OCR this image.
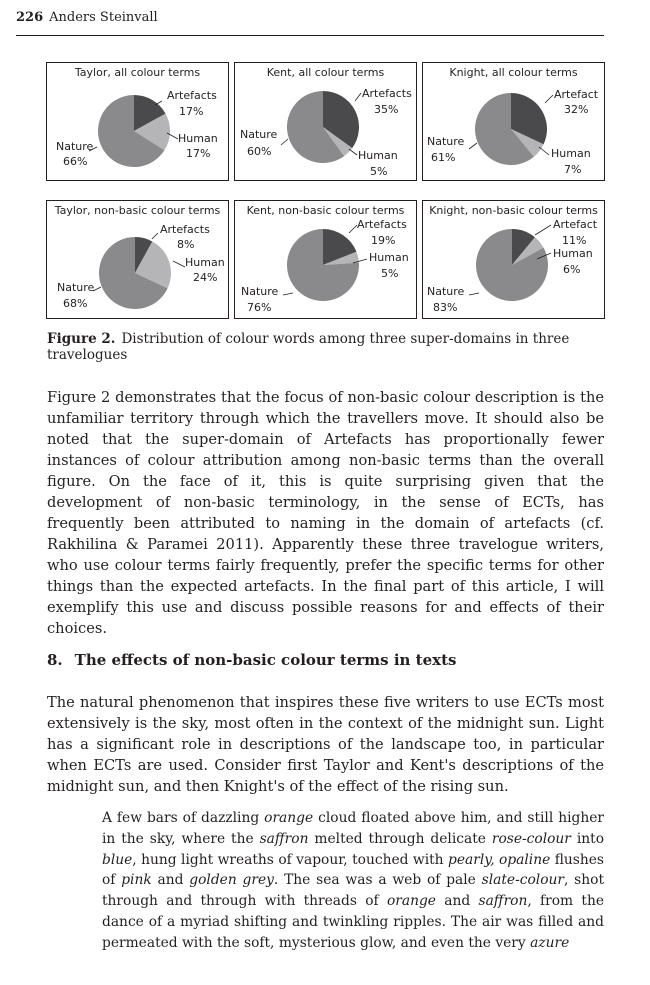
226 Anders Steinvall
Taylor, all colour terms
Artefacts
17%
Human
17%
Nature
66%
Kent, all colour terms
Artefacts
35%
Human
5%
Nature
60%
Knight, all colour terms
Artefact
32%
Human
7%
Nature
61%
Taylor, non-basic colour terms
Artefacts
8%
Human
24%
Nature
68%
Kent, non-basic colour terms
Artefacts
19%
Human
5%
Nature
76%
Knight, non-basic colour terms
Artefact
11%
Human
6%
Nature
83%
Figure 2. Distribution of colour words among three super-domains in three travelogues

Figure 2 demonstrates that the focus of non-basic colour description is the unfamiliar territory through which the travellers move. It should also be noted that the super-domain of Artefacts has proportionally fewer instances of colour attribution among non-basic terms than the overall figure. On the face of it, this is quite surprising given that the development of non-basic terminology, in the sense of ECTs, has frequently been attributed to naming in the domain of artefacts (cf. Rakhilina & Paramei 2011). Apparently these three travelogue writers, who use colour terms fairly frequently, prefer the specific terms for other things than the expected artefacts. In the final part of this article, I will exemplify this use and discuss possible reasons for and effects of their choices.

8. The effects of non-basic colour terms in texts

The natural phenomenon that inspires these five writers to use ECTs most extensively is the sky, most often in the context of the midnight sun. Light has a significant role in descriptions of the landscape too, in particular when ECTs are used. Consider first Taylor and Kent's descriptions of the midnight sun, and then Knight's of the effect of the rising sun.

A few bars of dazzling orange cloud floated above him, and still higher in the sky, where the saffron melted through delicate rose-colour into blue, hung light wreaths of vapour, touched with pearly, opaline flushes of pink and golden grey. The sea was a web of pale slate-colour, shot through and through with threads of orange and saffron, from the dance of a myriad shifting and twinkling ripples. The air was filled and permeated with the soft, mysterious glow, and even the very azure
